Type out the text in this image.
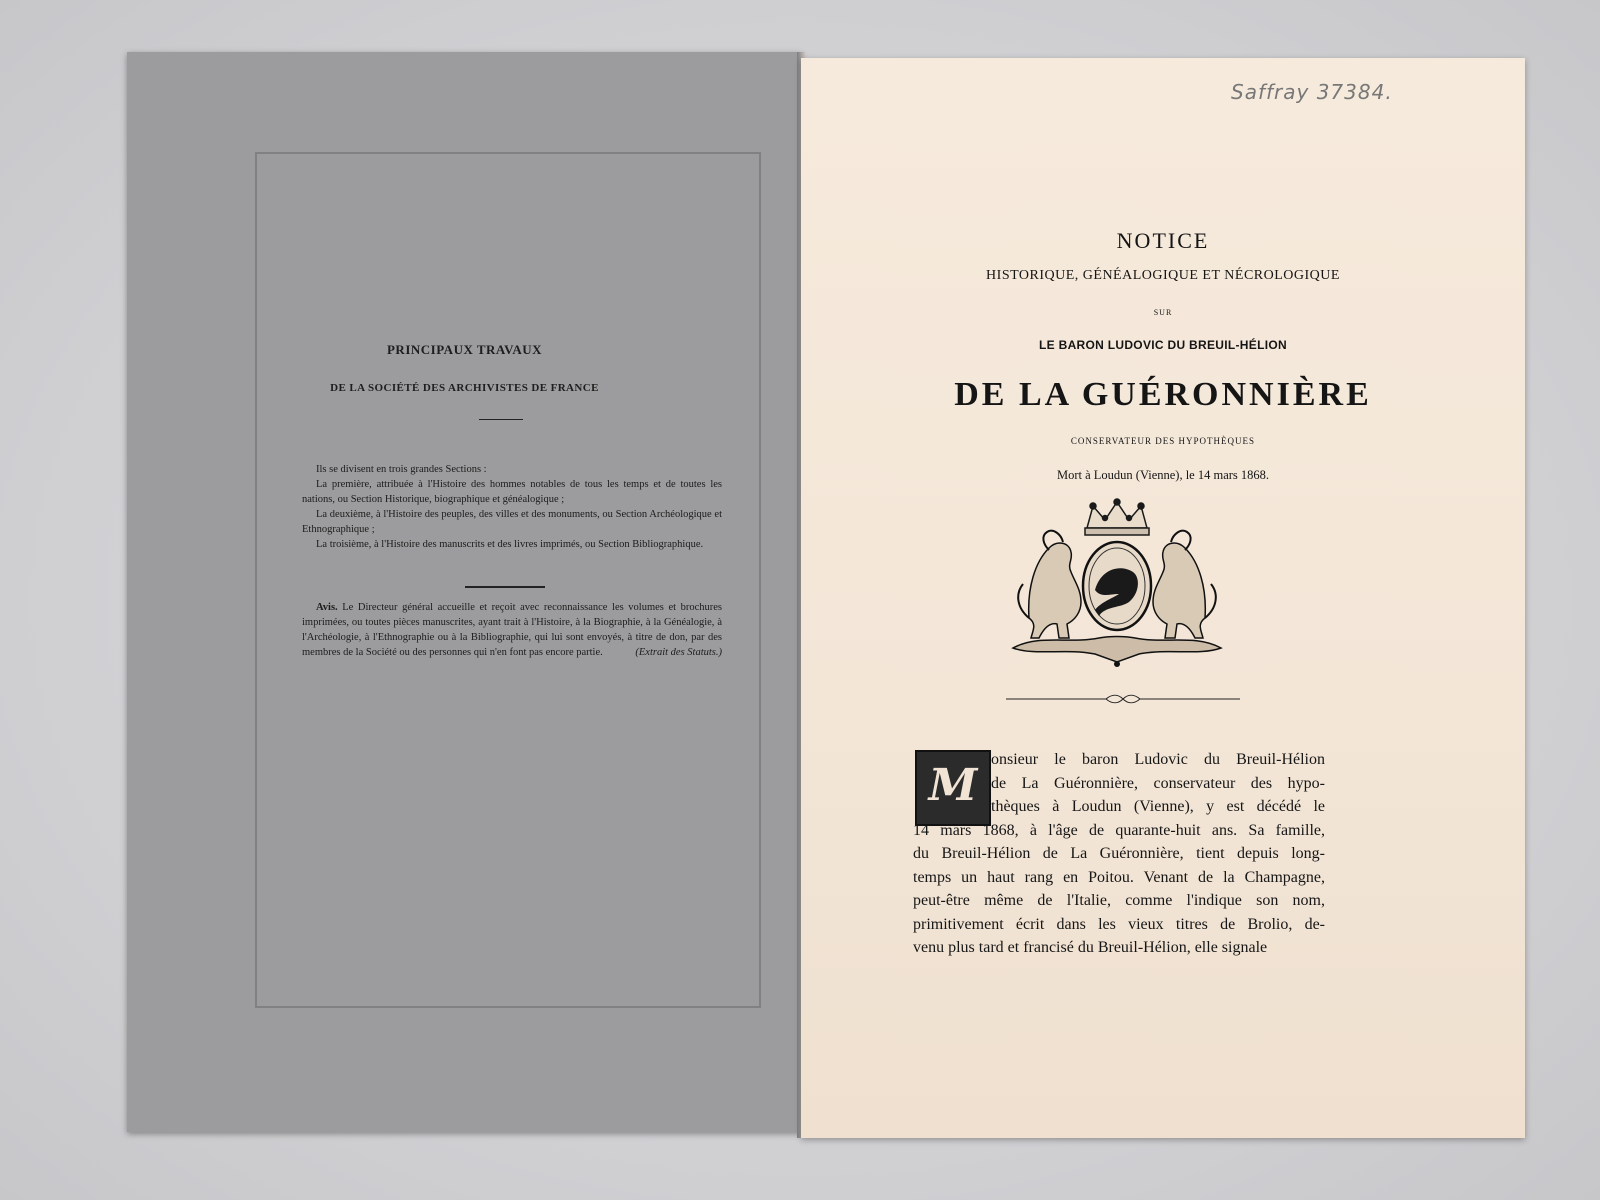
PRINCIPAUX TRAVAUX
DE LA SOCIÉTÉ DES ARCHIVISTES DE FRANCE

Ils se divisent en trois grandes Sections :

La première, attribuée à l'Histoire des hommes notables de tous les temps et de toutes les nations, ou Section Historique, biographique et généalogique ;

La deuxième, à l'Histoire des peuples, des villes et des monuments, ou Section Archéologique et Ethnographique ;

La troisième, à l'Histoire des manuscrits et des livres imprimés, ou Section Bibliographique.

Avis. Le Directeur général accueille et reçoit avec reconnaissance les volumes et brochures imprimées, ou toutes pièces manuscrites, ayant trait à l'Histoire, à la Biographie, à la Généalogie, à l'Archéologie, à l'Ethnographie ou à la Bibliographie, qui lui sont envoyés, à titre de don, par des membres de la Société ou des personnes qui n'en font pas encore partie.	(Extrait des Statuts.)

Saffray 37384.
NOTICE
HISTORIQUE, GÉNÉALOGIQUE ET NÉCROLOGIQUE
SUR
LE BARON LUDOVIC DU BREUIL-HÉLION
DE LA GUÉRONNIÈRE
CONSERVATEUR DES HYPOTHÈQUES
Mort à Loudun (Vienne), le 14 mars 1868.
M

onsieur le baron Ludovic du Breuil-Hélion

de La Guéronnière, conservateur des hypo-

thèques à Loudun (Vienne), y est décédé le

14 mars 1868, à l'âge de quarante-huit ans. Sa famille,

du Breuil-Hélion de La Guéronnière, tient depuis long-

temps un haut rang en Poitou. Venant de la Champagne,

peut-être même de l'Italie, comme l'indique son nom,

primitivement écrit dans les vieux titres de Brolio, de-

venu plus tard et francisé du Breuil-Hélion, elle signale
